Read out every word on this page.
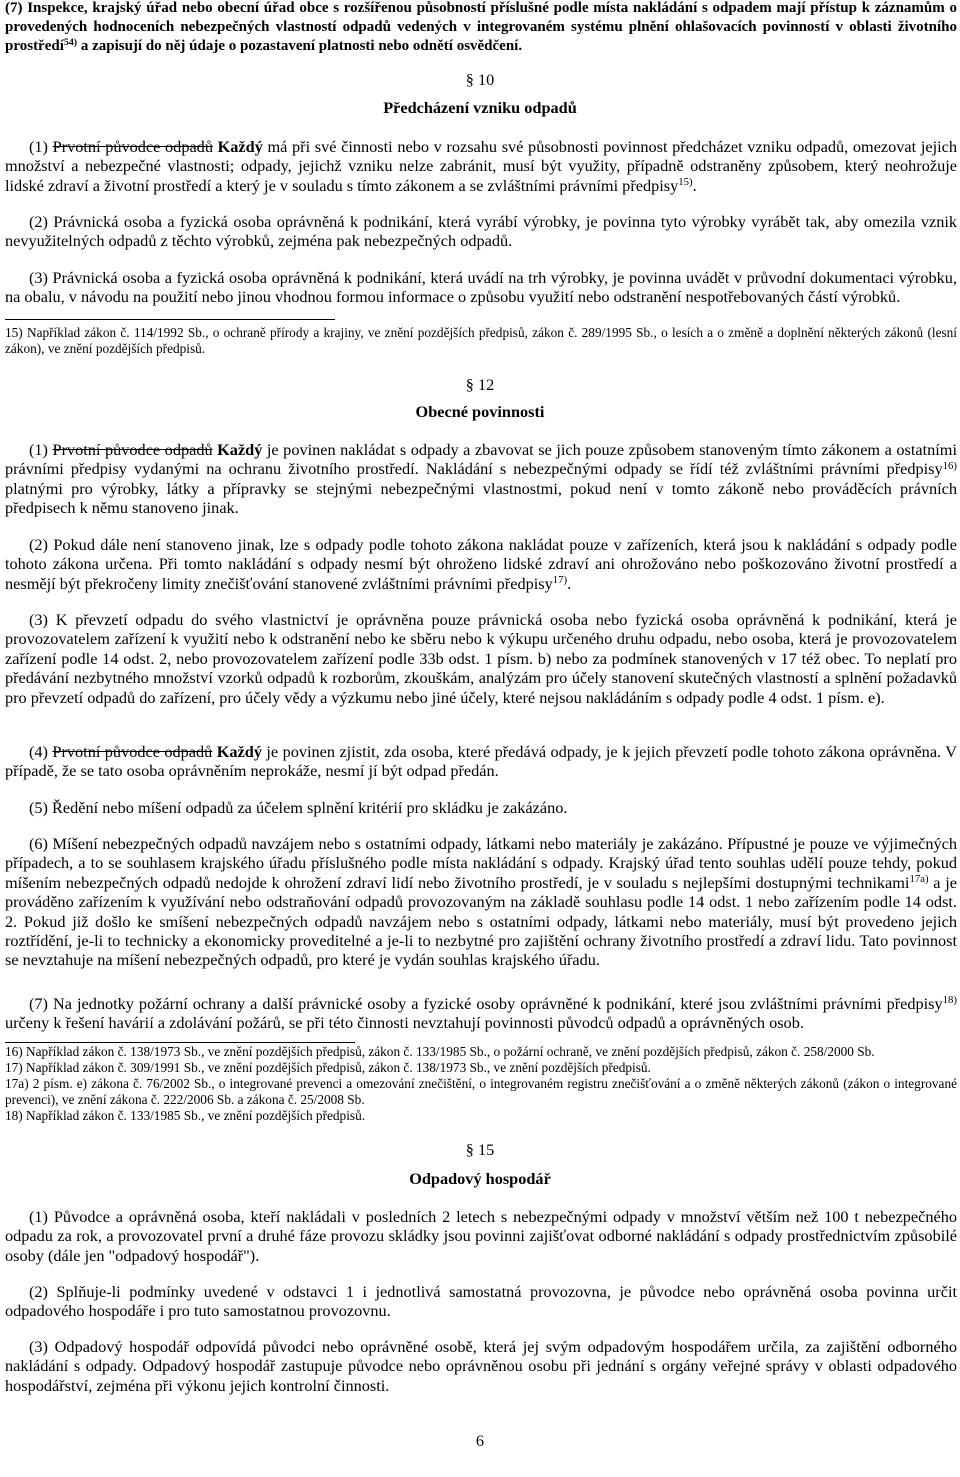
(7) Inspekce, krajský úřad nebo obecní úřad obce s rozšířenou působností příslušné podle místa nakládání s odpadem mají přístup k záznamům o provedených hodnoceních nebezpečných vlastností odpadů vedených v integrovaném systému plnění ohlašovacích povinností v oblasti životního prostředí$^{54)}$ a zapisují do něj údaje o pozastavení platnosti nebo odnětí osvědčení.
§ 10
Předcházení vzniku odpadů
(1) Prvotní původce odpadů Každý má při své činnosti nebo v rozsahu své působnosti povinnost předcházet vzniku odpadů, omezovat jejich množství a nebezpečné vlastnosti; odpady, jejichž vzniku nelze zabránit, musí být využity, případně odstraněny způsobem, který neohrožuje lidské zdraví a životní prostředí a který je v souladu s tímto zákonem a se zvláštními právními předpisy$^{15)}$.
(2) Právnická osoba a fyzická osoba oprávněná k podnikání, která vyrábí výrobky, je povinna tyto výrobky vyrábět tak, aby omezila vznik nevyužitelných odpadů z těchto výrobků, zejména pak nebezpečných odpadů.
(3) Právnická osoba a fyzická osoba oprávněná k podnikání, která uvádí na trh výrobky, je povinna uvádět v průvodní dokumentaci výrobku, na obalu, v návodu na použití nebo jinou vhodnou formou informace o způsobu využití nebo odstranění nespotřebovaných částí výrobků.

15) Například zákon č. 114/1992 Sb., o ochraně přírody a krajiny, ve znění pozdějších předpisů, zákon č. 289/1995 Sb., o lesích a o změně a doplnění některých zákonů (lesní zákon), ve znění pozdějších předpisů.

§ 12
Obecné povinnosti
(1) Prvotní původce odpadů Každý je povinen nakládat s odpady a zbavovat se jich pouze způsobem stanoveným tímto zákonem a ostatními právními předpisy vydanými na ochranu životního prostředí. Nakládání s nebezpečnými odpady se řídí též zvláštními právními předpisy$^{16)}$ platnými pro výrobky, látky a přípravky se stejnými nebezpečnými vlastnostmi, pokud není v tomto zákoně nebo prováděcích právních předpisech k němu stanoveno jinak.
(2) Pokud dále není stanoveno jinak, lze s odpady podle tohoto zákona nakládat pouze v zařízeních, která jsou k nakládání s odpady podle tohoto zákona určena. Při tomto nakládání s odpady nesmí být ohroženo lidské zdraví ani ohrožováno nebo poškozováno životní prostředí a nesmějí být překročeny limity znečišťování stanovené zvláštními právními předpisy$^{17)}$.
(3) K převzetí odpadu do svého vlastnictví je oprávněna pouze právnická osoba nebo fyzická osoba oprávněná k podnikání, která je provozovatelem zařízení k využití nebo k odstranění nebo ke sběru nebo k výkupu určeného druhu odpadu, nebo osoba, která je provozovatelem zařízení podle 14 odst. 2, nebo provozovatelem zařízení podle 33b odst. 1 písm. b) nebo za podmínek stanovených v 17 též obec. To neplatí pro předávání nezbytného množství vzorků odpadů k rozborům, zkouškám, analýzám pro účely stanovení skutečných vlastností a splnění požadavků pro převzetí odpadů do zařízení, pro účely vědy a výzkumu nebo jiné účely, které nejsou nakládáním s odpady podle 4 odst. 1 písm. e).
(4) Prvotní původce odpadů Každý je povinen zjistit, zda osoba, které předává odpady, je k jejich převzetí podle tohoto zákona oprávněna. V případě, že se tato osoba oprávněním neprokáže, nesmí jí být odpad předán.
(5) Ředění nebo míšení odpadů za účelem splnění kritérií pro skládku je zakázáno.
(6) Míšení nebezpečných odpadů navzájem nebo s ostatními odpady, látkami nebo materiály je zakázáno. Přípustné je pouze ve výjimečných případech, a to se souhlasem krajského úřadu příslušného podle místa nakládání s odpady. Krajský úřad tento souhlas udělí pouze tehdy, pokud míšením nebezpečných odpadů nedojde k ohrožení zdraví lidí nebo životního prostředí, je v souladu s nejlepšími dostupnými technikami$^{17a)}$ a je prováděno zařízením k využívání nebo odstraňování odpadů provozovaným na základě souhlasu podle 14 odst. 1 nebo zařízením podle 14 odst. 2. Pokud již došlo ke smíšení nebezpečných odpadů navzájem nebo s ostatními odpady, látkami nebo materiály, musí být provedeno jejich roztřídění, je-li to technicky a ekonomicky proveditelné a je-li to nezbytné pro zajištění ochrany životního prostředí a zdraví lidu. Tato povinnost se nevztahuje na míšení nebezpečných odpadů, pro které je vydán souhlas krajského úřadu.
(7) Na jednotky požární ochrany a další právnické osoby a fyzické osoby oprávněné k podnikání, které jsou zvláštními právními předpisy$^{18)}$ určeny k řešení havárií a zdolávání požárů, se při této činnosti nevztahují povinnosti původců odpadů a oprávněných osob.

16) Například zákon č. 138/1973 Sb., ve znění pozdějších předpisů, zákon č. 133/1985 Sb., o požární ochraně, ve znění pozdějších předpisů, zákon č. 258/2000 Sb.

17) Například zákon č. 309/1991 Sb., ve znění pozdějších předpisů, zákon č. 138/1973 Sb., ve znění pozdějších předpisů.

17a) 2 písm. e) zákona č. 76/2002 Sb., o integrované prevenci a omezování znečištění, o integrovaném registru znečišťování a o změně některých zákonů (zákon o integrované prevenci), ve znění zákona č. 222/2006 Sb. a zákona č. 25/2008 Sb.

18) Například zákon č. 133/1985 Sb., ve znění pozdějších předpisů.

§ 15
Odpadový hospodář
(1) Původce a oprávněná osoba, kteří nakládali v posledních 2 letech s nebezpečnými odpady v množství větším než 100 t nebezpečného odpadu za rok, a provozovatel první a druhé fáze provozu skládky jsou povinni zajišťovat odborné nakládání s odpady prostřednictvím způsobilé osoby (dále jen "odpadový hospodář").
(2) Splňuje-li podmínky uvedené v odstavci 1 i jednotlivá samostatná provozovna, je původce nebo oprávněná osoba povinna určit odpadového hospodáře i pro tuto samostatnou provozovnu.
(3) Odpadový hospodář odpovídá původci nebo oprávněné osobě, která jej svým odpadovým hospodářem určila, za zajištění odborného nakládání s odpady. Odpadový hospodář zastupuje původce nebo oprávněnou osobu při jednání s orgány veřejné správy v oblasti odpadového hospodářství, zejména při výkonu jejich kontrolní činnosti.
6
